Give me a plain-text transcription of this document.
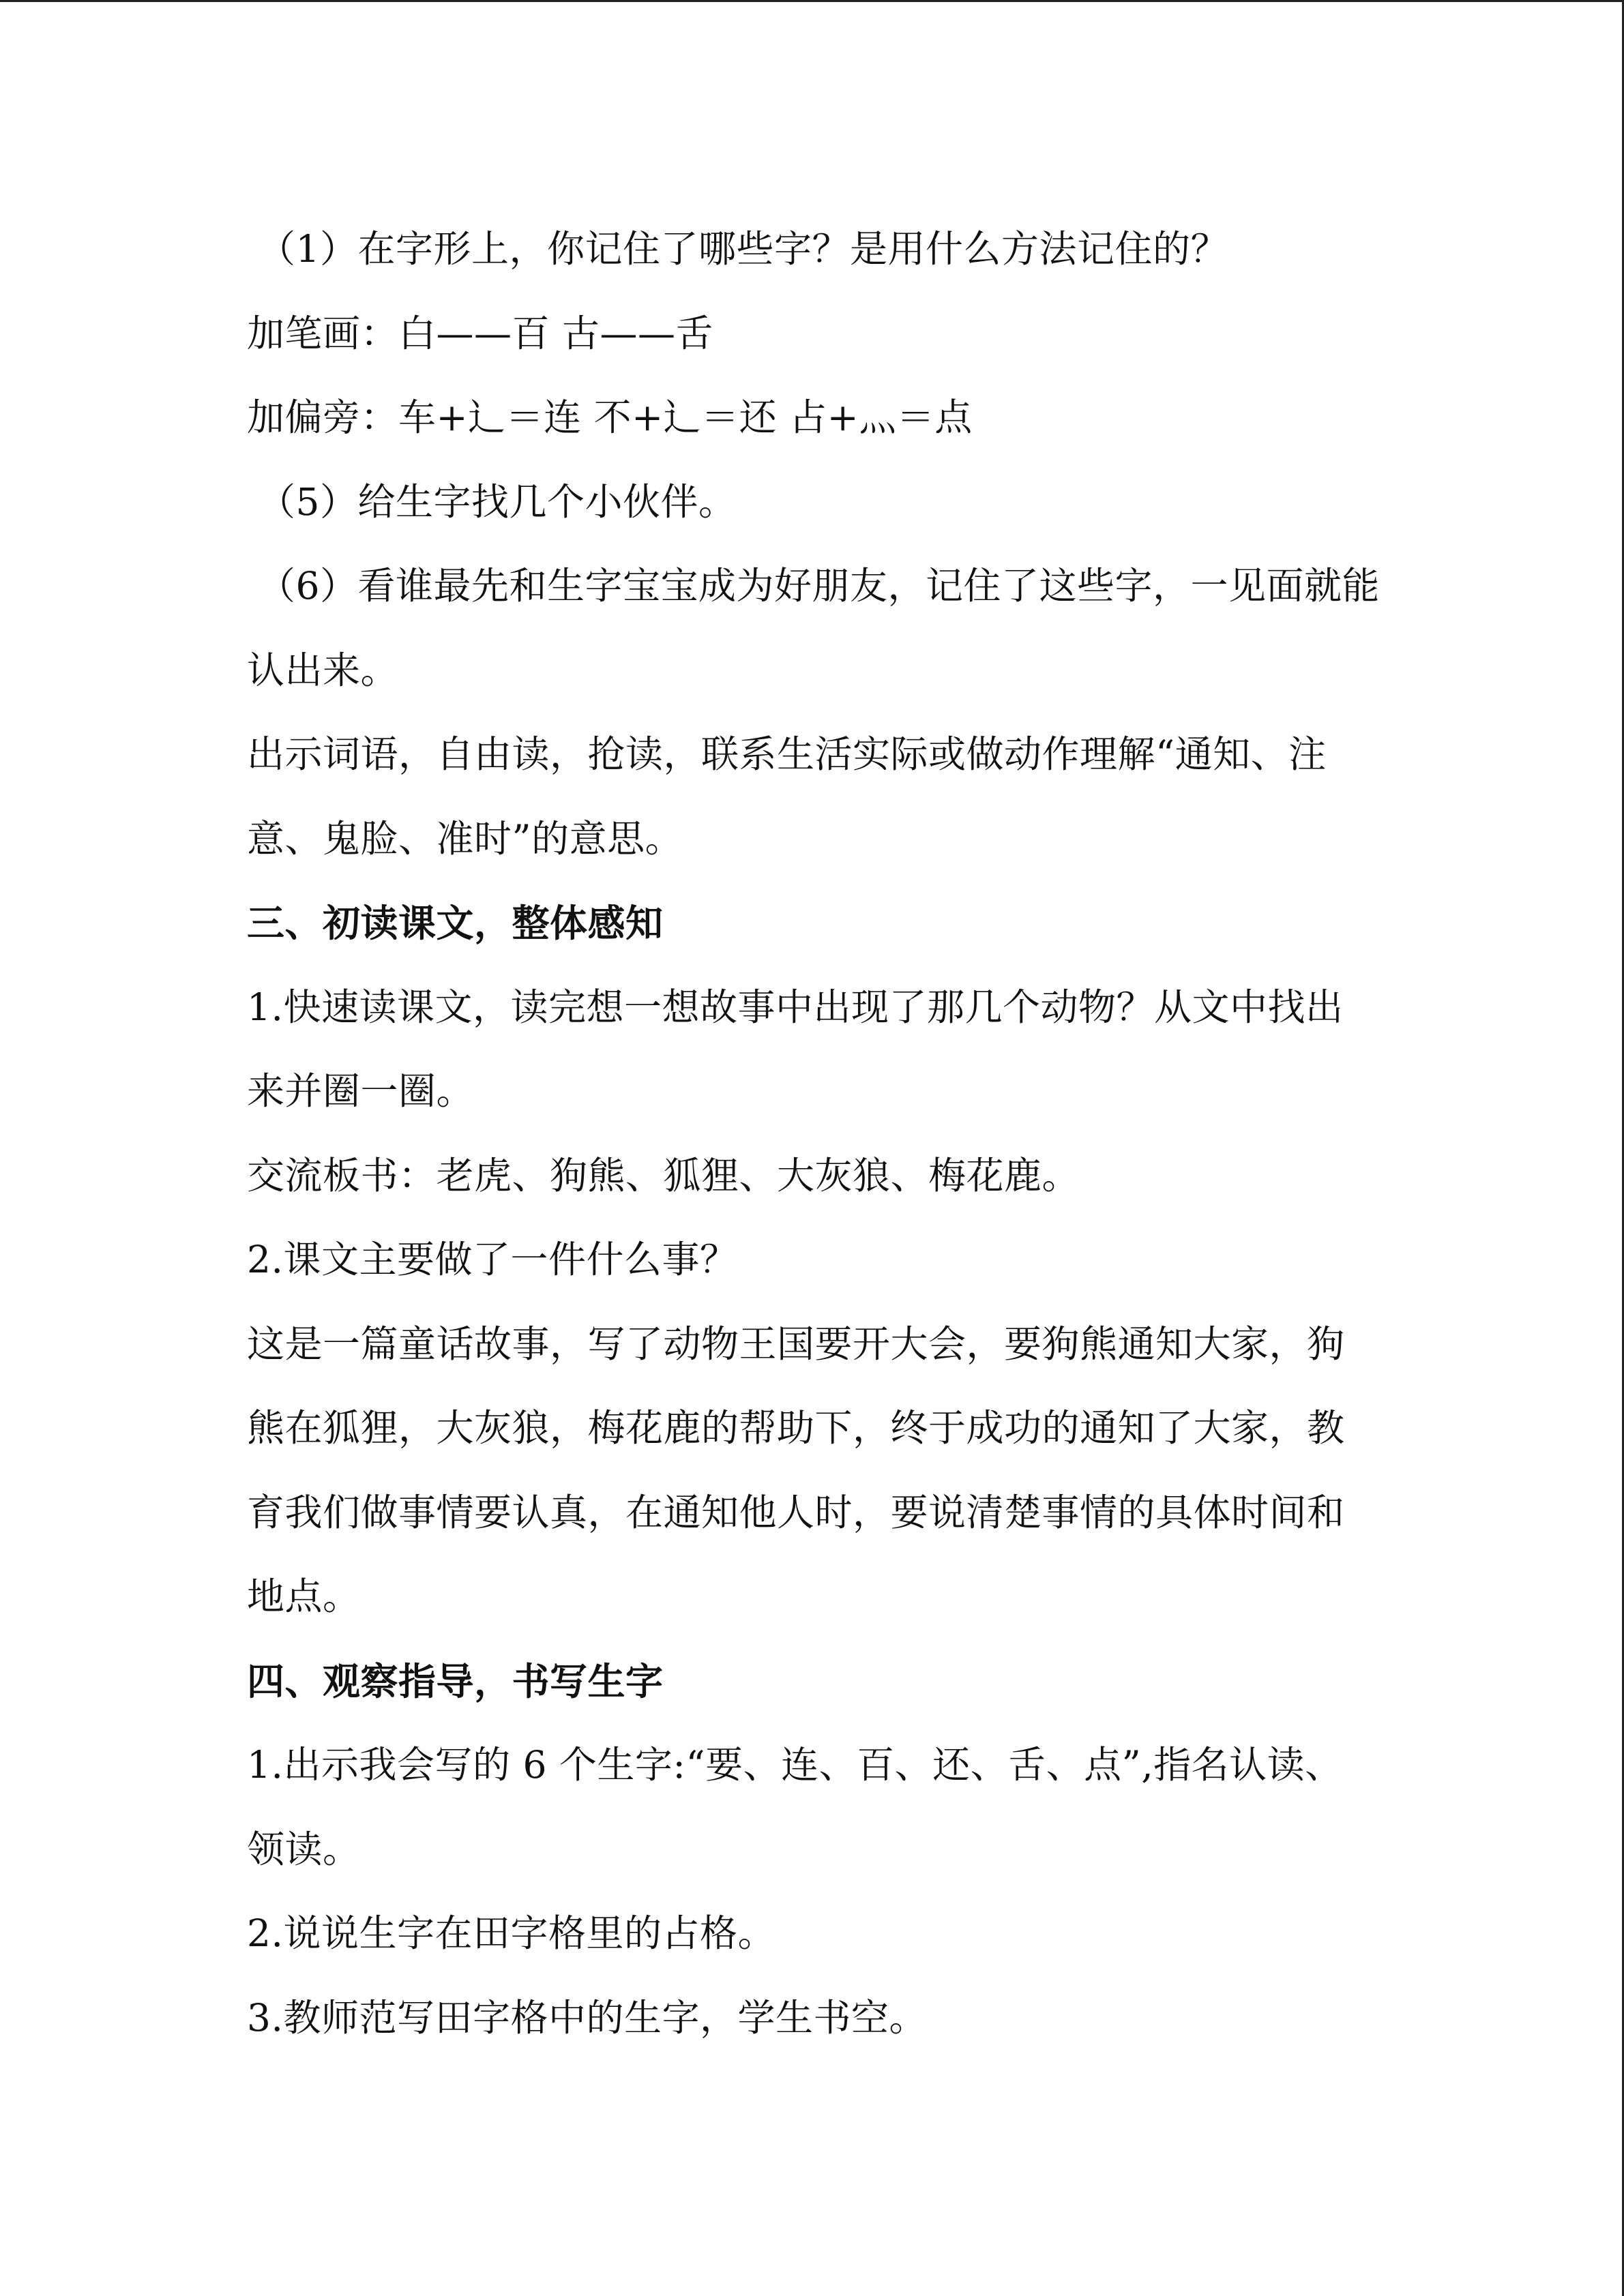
（1）在字形上，你记住了哪些字？是用什么方法记住的？
加笔画：白——百 古——舌
加偏旁：车+辶＝连 不+辶＝还 占+灬＝点
（5）给生字找几个小伙伴。
（6）看谁最先和生字宝宝成为好朋友，记住了这些字，一见面就能
认出来。
出示词语，自由读，抢读，联系生活实际或做动作理解“通知、注
意、鬼脸、准时”的意思。
三、初读课文，整体感知
1.快速读课文，读完想一想故事中出现了那几个动物？从文中找出
来并圈一圈。
交流板书：老虎、狗熊、狐狸、大灰狼、梅花鹿。
2.课文主要做了一件什么事？
这是一篇童话故事，写了动物王国要开大会，要狗熊通知大家，狗
熊在狐狸，大灰狼，梅花鹿的帮助下，终于成功的通知了大家，教
育我们做事情要认真，在通知他人时，要说清楚事情的具体时间和
地点。
四、观察指导，书写生字
1.出示我会写的 6 个生字:“要、连、百、还、舌、点”,指名认读、
领读。
2.说说生字在田字格里的占格。
3.教师范写田字格中的生字，学生书空。
